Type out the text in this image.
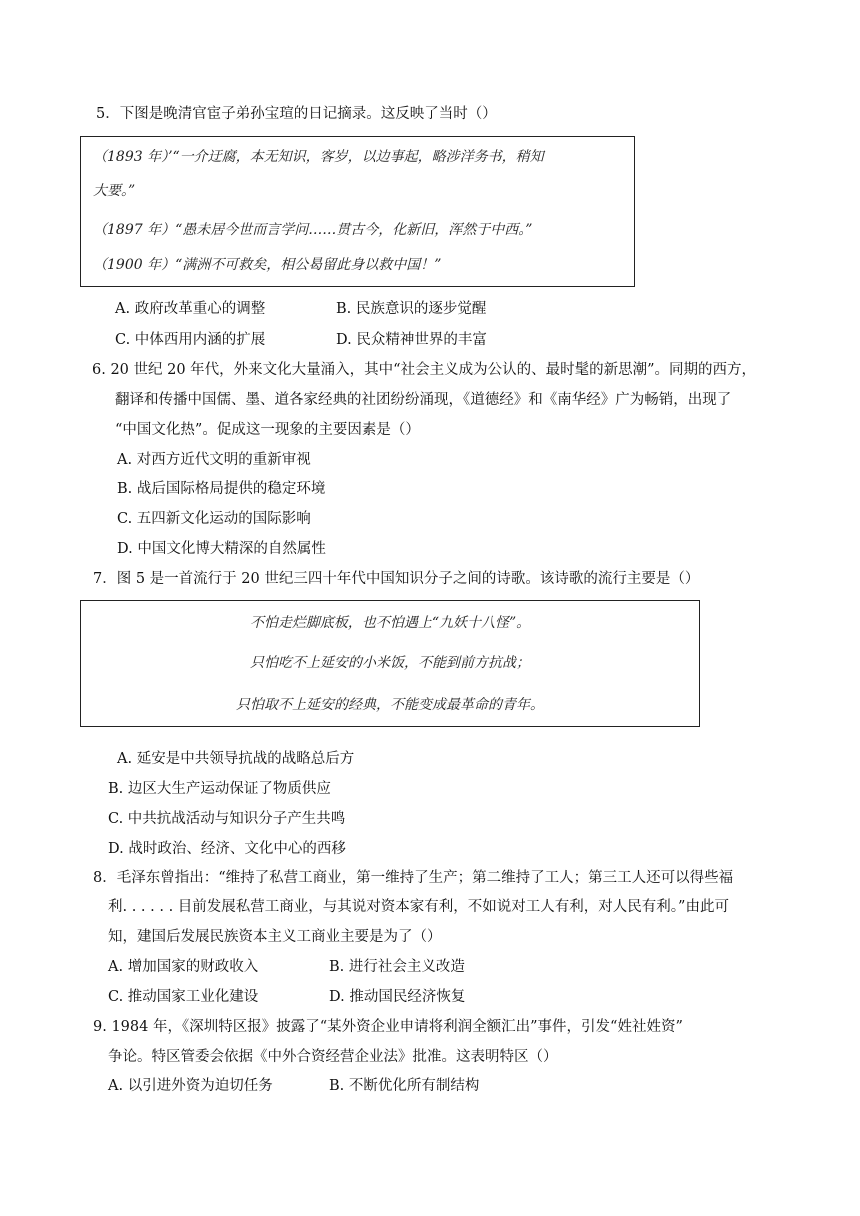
5．下图是晚清官宦子弟孙宝瑄的日记摘录。这反映了当时（）
（1893 年）’“一介迂腐，本无知识，客岁，以边事起，略涉洋务书，稍知
大要。”
（1897 年）“愚未居今世而言学问……贯古今，化新旧，浑然于中西。”
（1900 年）“满洲不可救矣，相公曷留此身以救中国！”
A. 政府改革重心的调整	B. 民族意识的逐步觉醒
C. 中体西用内涵的扩展	D. 民众精神世界的丰富
6. 20 世纪 20 年代，外来文化大量涌入，其中“社会主义成为公认的、最时髦的新思潮”。同期的西方，
翻译和传播中国儒、墨、道各家经典的社团纷纷涌现，《道德经》和《南华经》广为畅销，出现了
“中国文化热”。促成这一现象的主要因素是（）
A. 对西方近代文明的重新审视
B. 战后国际格局提供的稳定环境
C. 五四新文化运动的国际影响
D. 中国文化博大精深的自然属性
7．图 5 是一首流行于 20 世纪三四十年代中国知识分子之间的诗歌。该诗歌的流行主要是（）
不怕走烂脚底板，也不怕遇上“九妖十八怪”。
只怕吃不上延安的小米饭，不能到前方抗战；
只怕取不上延安的经典，不能变成最革命的青年。
A. 延安是中共领导抗战的战略总后方
B. 边区大生产运动保证了物质供应
C. 中共抗战活动与知识分子产生共鸣
D. 战时政治、经济、文化中心的西移
8．毛泽东曾指出：“维持了私营工商业，第一维持了生产；第二维持了工人；第三工人还可以得些福
利. . . . . . 目前发展私营工商业，与其说对资本家有利，不如说对工人有利，对人民有利。”由此可
知，建国后发展民族资本主义工商业主要是为了（）
A. 增加国家的财政收入	B. 进行社会主义改造
C. 推动国家工业化建设	D. 推动国民经济恢复
9. 1984 年，《深圳特区报》披露了“某外资企业申请将利润全额汇出”事件，引发“姓社姓资”
争论。特区管委会依据《中外合资经营企业法》批准。这表明特区（）
A. 以引进外资为迫切任务	B. 不断优化所有制结构
